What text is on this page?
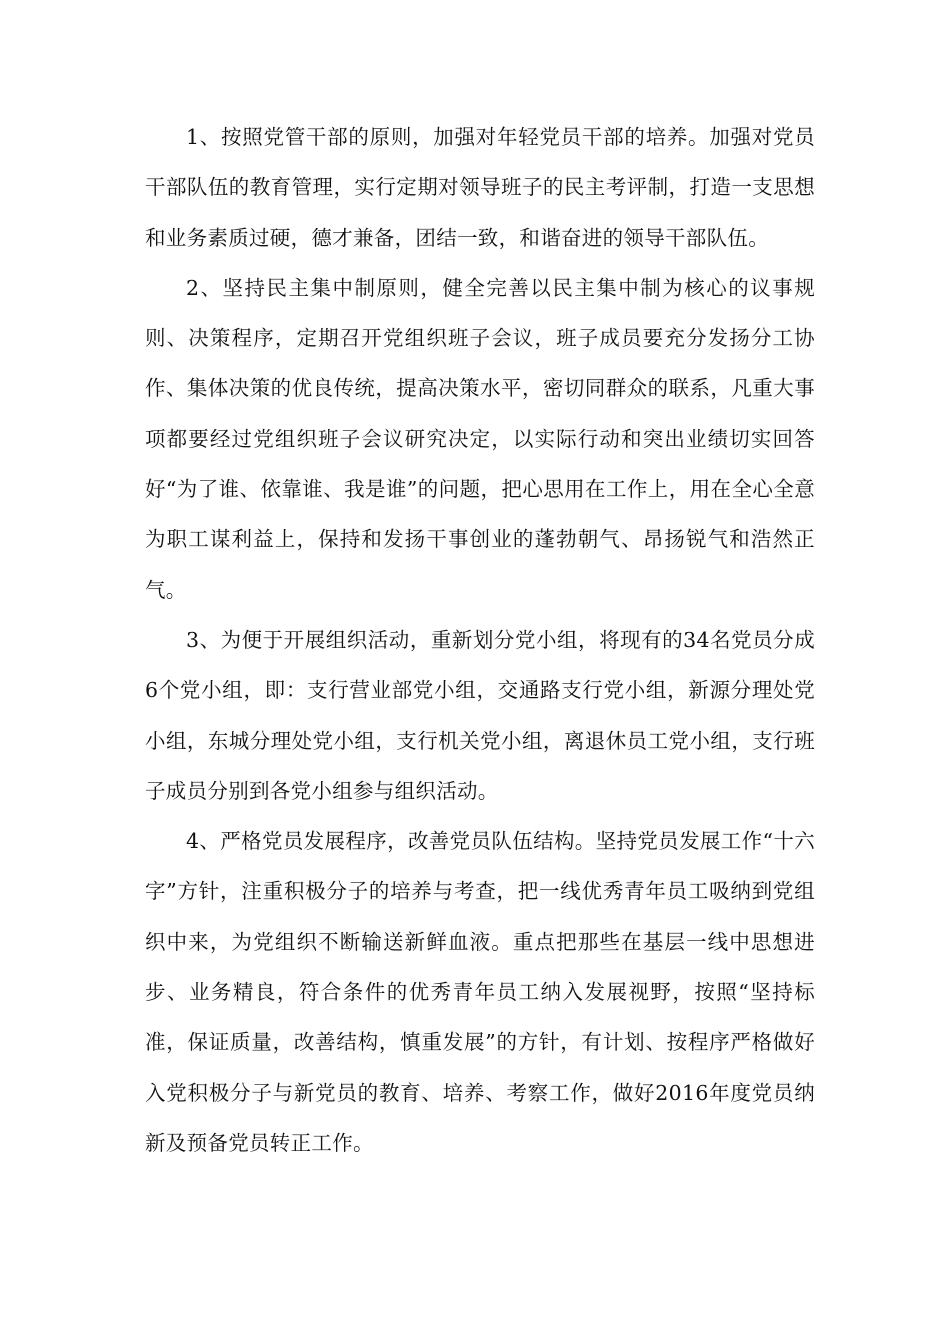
1、按照党管干部的原则，加强对年轻党员干部的培养。加强对党员干部队伍的教育管理，实行定期对领导班子的民主考评制，打造一支思想和业务素质过硬，德才兼备，团结一致，和谐奋进的领导干部队伍。

2、坚持民主集中制原则，健全完善以民主集中制为核心的议事规则、决策程序，定期召开党组织班子会议，班子成员要充分发扬分工协作、集体决策的优良传统，提高决策水平，密切同群众的联系，凡重大事项都要经过党组织班子会议研究决定，以实际行动和突出业绩切实回答好“为了谁、依靠谁、我是谁”的问题，把心思用在工作上，用在全心全意为职工谋利益上，保持和发扬干事创业的蓬勃朝气、昂扬锐气和浩然正气。

3、为便于开展组织活动，重新划分党小组，将现有的34名党员分成6个党小组，即：支行营业部党小组，交通路支行党小组，新源分理处党小组，东城分理处党小组，支行机关党小组，离退休员工党小组，支行班子成员分别到各党小组参与组织活动。

4、严格党员发展程序，改善党员队伍结构。坚持党员发展工作“十六字”方针，注重积极分子的培养与考查，把一线优秀青年员工吸纳到党组织中来，为党组织不断输送新鲜血液。重点把那些在基层一线中思想进步、业务精良，符合条件的优秀青年员工纳入发展视野，按照“坚持标准，保证质量，改善结构，慎重发展”的方针，有计划、按程序严格做好入党积极分子与新党员的教育、培养、考察工作，做好2016年度党员纳新及预备党员转正工作。
